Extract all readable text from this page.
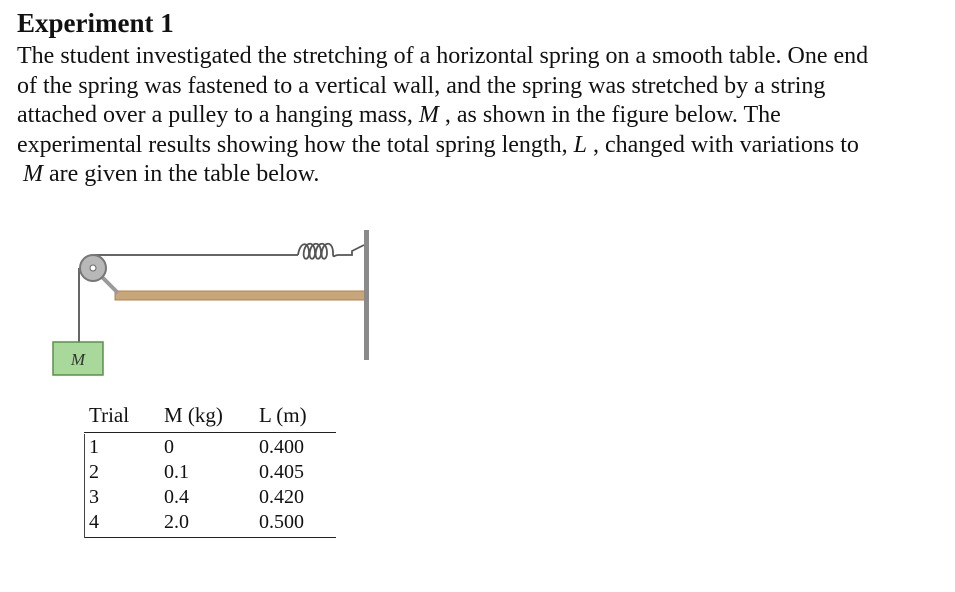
Experiment 1

The student investigated the stretching of a horizontal spring on a smooth table. One end
of the spring was fastened to a vertical wall, and the spring was stretched by a string
attached over a pulley to a hanging mass, M , as shown in the figure below. The
experimental results showing how the total spring length, L , changed with variations to
M are given in the table below.

M
Trial M (kg) L (m)
1	0	0.400
2	0.1	0.405
3	0.4	0.420
4	2.0	0.500
